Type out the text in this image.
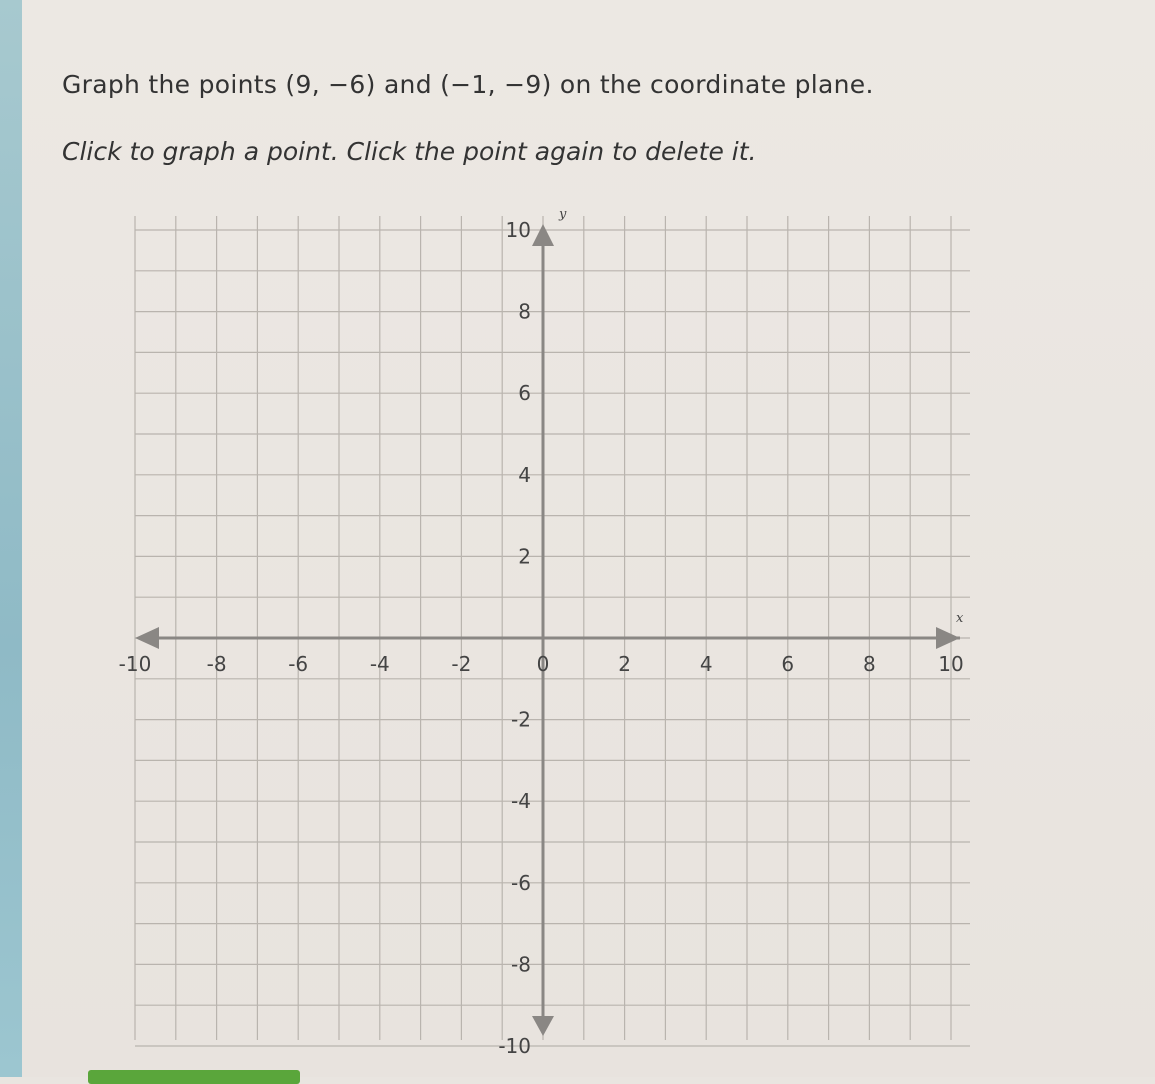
Graph the points (9, −6) and (−1, −9) on the coordinate plane.
Click to graph a point. Click the point again to delete it.
x
y
-10	-8	-6	-4	-2	0	2	4	6	8	10
10
8
6
4
2
-2
-4
-6
-8
-10
